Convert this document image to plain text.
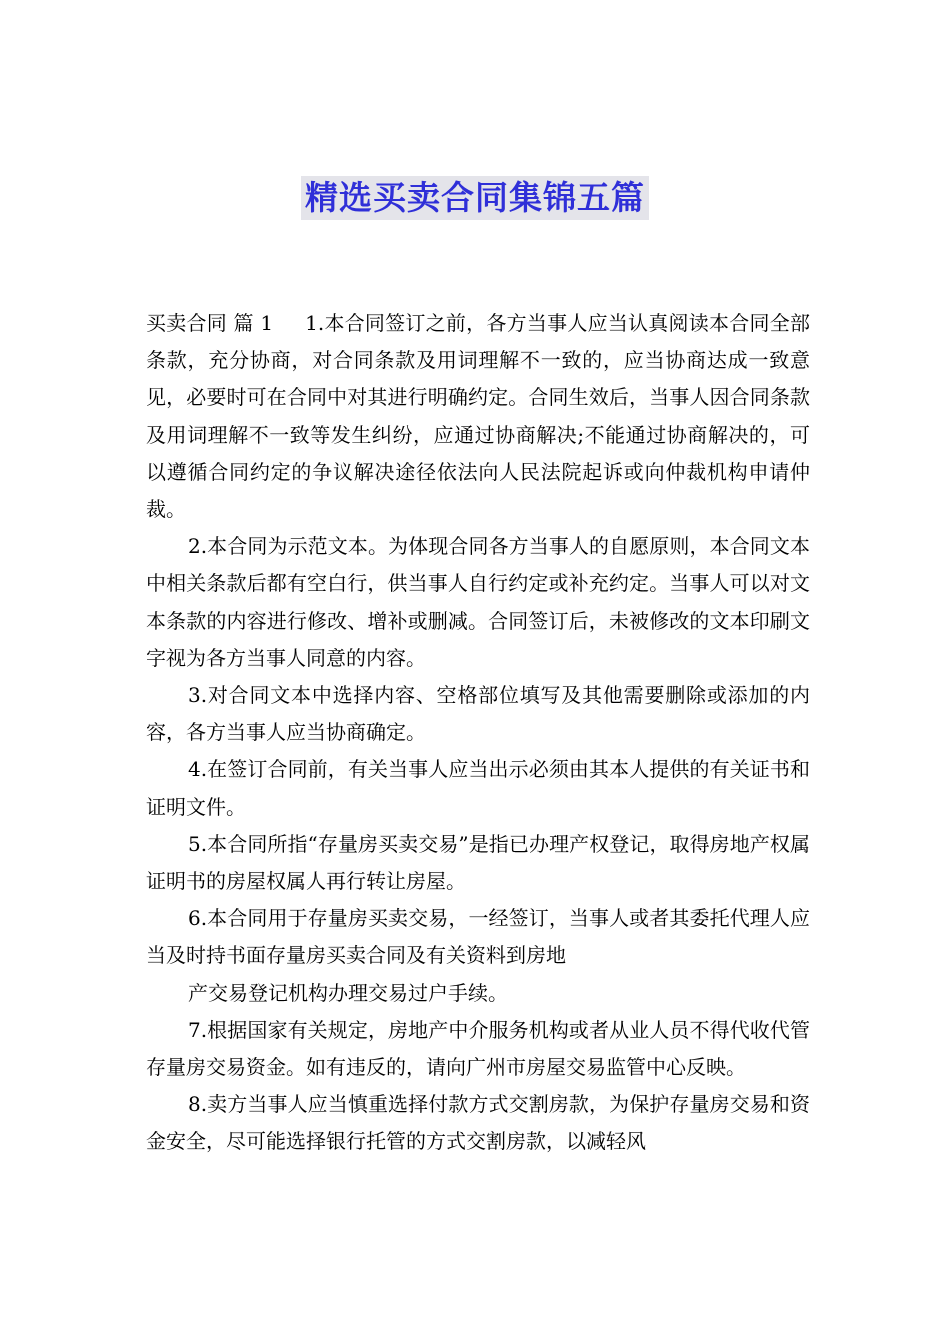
精选买卖合同集锦五篇

买卖合同 篇 1 1.本合同签订之前，各方当事人应当认真阅读本合同全部条款，充分协商，对合同条款及用词理解不一致的，应当协商达成一致意见，必要时可在合同中对其进行明确约定。合同生效后，当事人因合同条款及用词理解不一致等发生纠纷，应通过协商解决;不能通过协商解决的，可以遵循合同约定的争议解决途径依法向人民法院起诉或向仲裁机构申请仲裁。

2.本合同为示范文本。为体现合同各方当事人的自愿原则，本合同文本中相关条款后都有空白行，供当事人自行约定或补充约定。当事人可以对文本条款的内容进行修改、增补或删减。合同签订后，未被修改的文本印刷文字视为各方当事人同意的内容。

3.对合同文本中选择内容、空格部位填写及其他需要删除或添加的内容，各方当事人应当协商确定。

4.在签订合同前，有关当事人应当出示必须由其本人提供的有关证书和证明文件。

5.本合同所指“存量房买卖交易”是指已办理产权登记，取得房地产权属证明书的房屋权属人再行转让房屋。

6.本合同用于存量房买卖交易，一经签订，当事人或者其委托代理人应当及时持书面存量房买卖合同及有关资料到房地

产交易登记机构办理交易过户手续。

7.根据国家有关规定，房地产中介服务机构或者从业人员不得代收代管存量房交易资金。如有违反的，请向广州市房屋交易监管中心反映。

8.卖方当事人应当慎重选择付款方式交割房款，为保护存量房交易和资金安全，尽可能选择银行托管的方式交割房款，以减轻风
